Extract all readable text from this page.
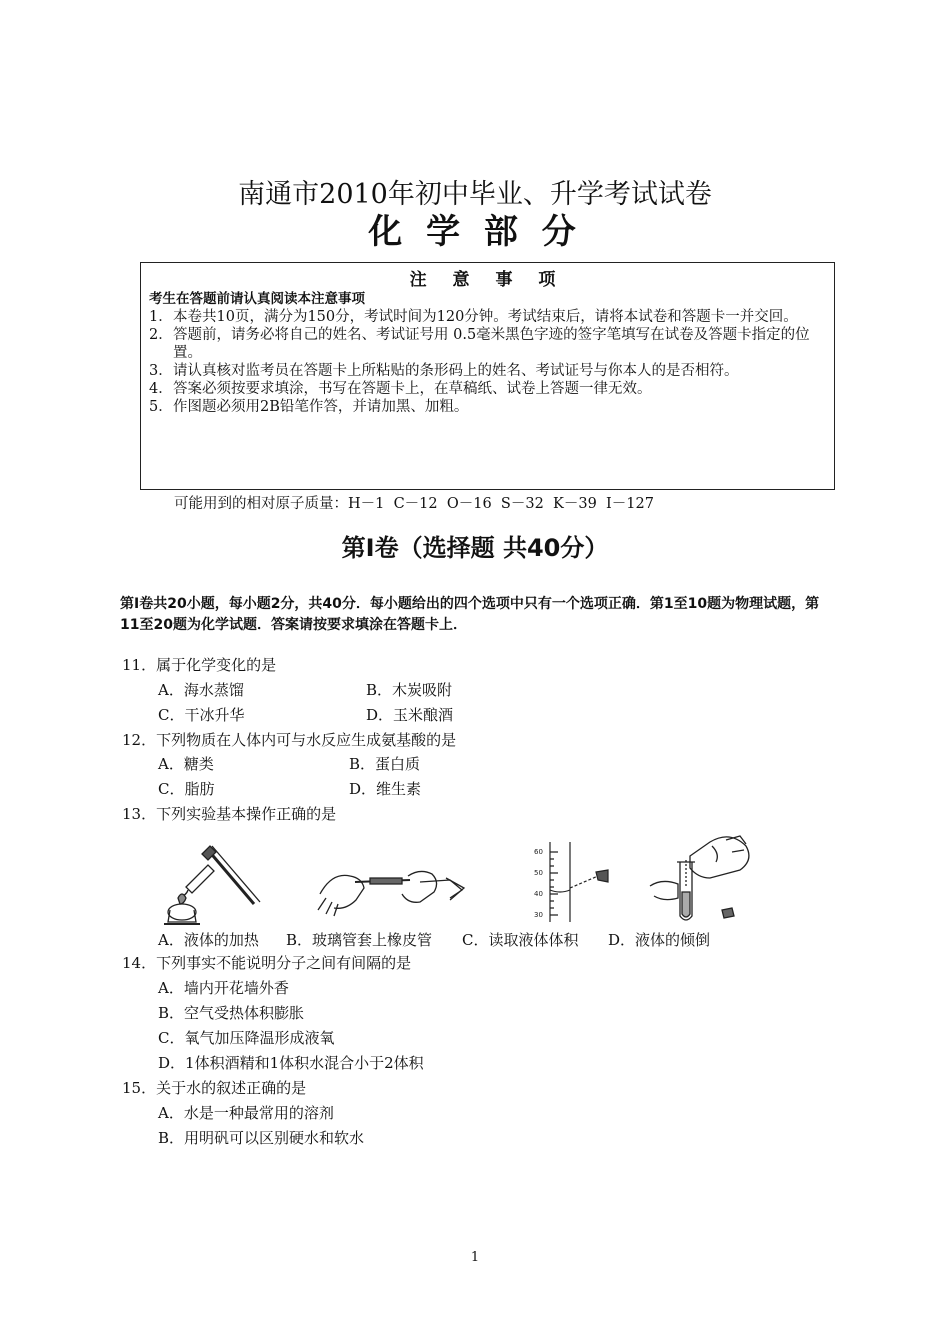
南通市2010年初中毕业、升学考试试卷
化 学 部 分
注 意 事 项
考生在答题前请认真阅读本注意事项
1． 本卷共10页，满分为150分，考试时间为120分钟。考试结束后，请将本试卷和答题卡一并交回。
2． 答题前，请务必将自己的姓名、考试证号用 0.5毫米黑色字迹的签字笔填写在试卷及答题卡指定的位置。
3． 请认真核对监考员在答题卡上所粘贴的条形码上的姓名、考试证号与你本人的是否相符。
4． 答案必须按要求填涂，书写在答题卡上，在草稿纸、试卷上答题一律无效。
5． 作图题必须用2B铅笔作答，并请加黑、加粗。
可能用到的相对原子质量：H－1  C－12  O－16  S－32  K－39  I－127
第Ⅰ卷（选择题 共40分）
第Ⅰ卷共20小题，每小题2分，共40分．每小题给出的四个选项中只有一个选项正确．第1至10题为物理试题，第11至20题为化学试题．答案请按要求填涂在答题卡上．
11．属于化学变化的是
A．海水蒸馏	B．木炭吸附
C．干冰升华	D．玉米酿酒
12．下列物质在人体内可与水反应生成氨基酸的是
A．糖类	B．蛋白质
C．脂肪	D．维生素
13．下列实验基本操作正确的是
60
50
40
30
A．液体的加热 B．玻璃管套上橡皮管 C．读取液体体积 D．液体的倾倒
14．下列事实不能说明分子之间有间隔的是
A．墙内开花墙外香
B．空气受热体积膨胀
C．氧气加压降温形成液氧
D．1体积酒精和1体积水混合小于2体积
15．关于水的叙述正确的是
A．水是一种最常用的溶剂
B．用明矾可以区别硬水和软水
1
